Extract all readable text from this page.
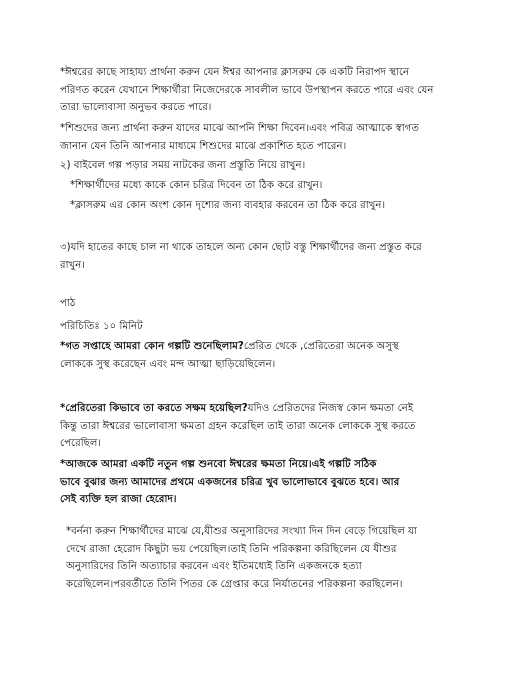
*ঈশ্বরের কাছে সাহায্য প্রার্থনা করুন যেন ঈশ্বর আপনার ক্লাসরুম কে একটি নিরাপদ স্থানে
পরিণত করেন যেখানে শিক্ষার্থীরা নিজেদেরকে সাবলীল ভাবে উপস্থাপন করতে পারে এবং যেন
তারা ভালোবাসা অনুভব করতে পারে।
*শিশুদের জন্য প্রার্থনা করুন যাদের মাঝে আপনি শিক্ষা দিবেন।এবং পবিত্র আত্মাকে স্বাগত
জানান যেন তিনি আপনার মাধ্যমে শিশুদের মাঝে প্রকাশিত হতে পারেন।
২) বাইবেল গল্প পড়ার সময় নাটকের জন্য প্রস্তুতি নিয়ে রাখুন।
*শিক্ষার্থীদের মধ্যে কাকে কোন চরিত্র দিবেন তা ঠিক করে রাখুন।
*ক্লাসরুম এর কোন অংশ কোন দৃশ্যের জন্য ব্যবহার করবেন তা ঠিক করে রাখুন।
৩)যদি হাতের কাছে চাল না থাকে তাহলে অন্য কোন ছোট বস্তু শিক্ষার্থীদের জন্য প্রস্তুত করে
রাখুন।
পাঠ
পরিচিতিঃ ১০ মিনিট
*গত সপ্তাহে আমরা কোন গল্পটি শুনেছিলাম?প্রেরিত থেকে ,প্রেরিতেরা অনেক অসুস্থ
লোককে সুস্থ করেছেন এবং মন্দ আত্মা ছাড়িয়েছিলেন।
*প্রেরিতেরা কিভাবে তা করতে সক্ষম হয়েছিল?যদিও প্রেরিতদের নিজস্ব কোন ক্ষমতা নেই
কিন্তু তারা ঈশ্বরের ভালোবাসা ক্ষমতা গ্রহন করেছিল তাই তারা অনেক লোককে সুস্থ করতে
পেরেছিল।
*আজকে আমরা একটি নতুন গল্প শুনবো ঈশ্বরের ক্ষমতা নিয়ে।এই গল্পটি সঠিক
ভাবে বুঝার জন্য আমাদের প্রথমে একজনের চরিত্র খুব ভালোভাবে বুঝতে হবে। আর
সেই ব্যক্তি হল রাজা হেরোদ।
*বর্ননা করুন শিক্ষার্থীদের মাঝে যে,যীশুর অনুসারিদের সংখ্যা দিন দিন বেড়ে গিয়েছিল যা
দেখে রাজা হেরোদ কিছুটা ভয় পেয়েছিল।তাই তিনি পরিকল্পনা করিছিলেন যে যীশুর
অনুসারিদের তিনি অত্যাচার করবেন এবং ইতিমধ্যেই তিনি একজনকে হত্যা
করেছিলেন।পরবর্তীতে তিনি পিতর কে গ্রেপ্তার করে নির্যাতনের পরিকল্পনা করছিলেন।
